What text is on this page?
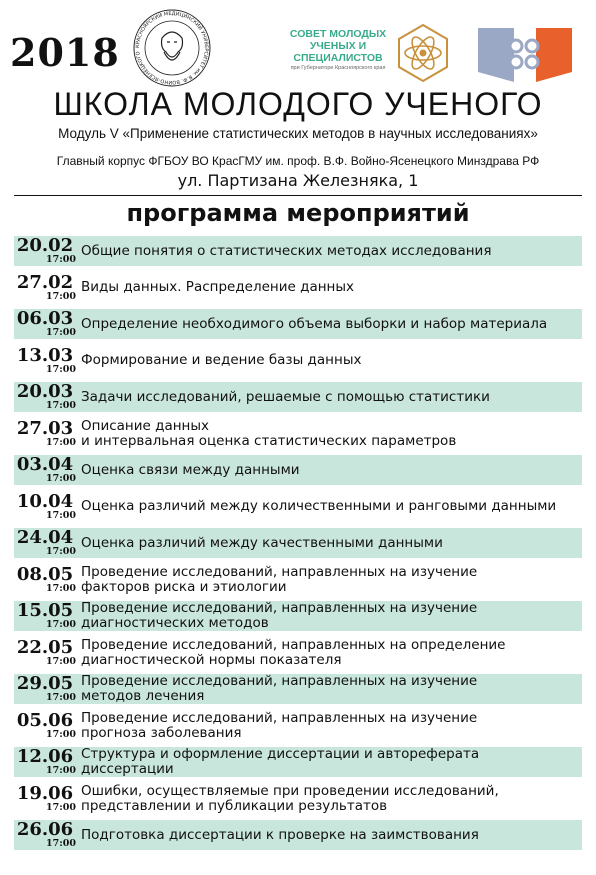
2018	КРАСНОЯРСКИЙ МЕДИЦИНСКИЙ УНИВЕРСИТЕТ им. В.Ф. ВОЙНО-ЯСЕНЕЦКОГО
СОВЕТ МОЛОДЫХ УЧЕНЫХ И СПЕЦИАЛИСТОВ
при Губернаторе Красноярского края
ШКОЛА МОЛОДОГО УЧЕНОГО
Модуль V «Применение статистических методов в научных исследованиях»
Главный корпус ФГБОУ ВО КрасГМУ им. проф. В.Ф. Войно-Ясенецкого Минздрава РФ
ул. Партизана Железняка, 1
программа мероприятий
20.02
17:00
Общие понятия о статистических методах исследования
27.02
17:00
Виды данных. Распределение данных
06.03
17:00
Определение необходимого объема выборки и набор материала
13.03
17:00
Формирование и ведение базы данных
20.03
17:00
Задачи исследований, решаемые с помощью статистики
27.03
17:00
Описание данных
и интервальная оценка статистических параметров
03.04
17:00
Оценка связи между данными
10.04
17:00
Оценка различий между количественными и ранговыми данными
24.04
17:00
Оценка различий между качественными данными
08.05
17:00
Проведение исследований, направленных на изучение
факторов риска и этиологии
15.05
17:00
Проведение исследований, направленных на изучение
диагностических методов
22.05
17:00
Проведение исследований, направленных на определение
диагностической нормы показателя
29.05
17:00
Проведение исследований, направленных на изучение
методов лечения
05.06
17:00
Проведение исследований, направленных на изучение
прогноза заболевания
12.06
17:00
Структура и оформление диссертации и автореферата
диссертации
19.06
17:00
Ошибки, осуществляемые при проведении исследований,
представлении и публикации результатов
26.06
17:00
Подготовка диссертации к проверке на заимствования
